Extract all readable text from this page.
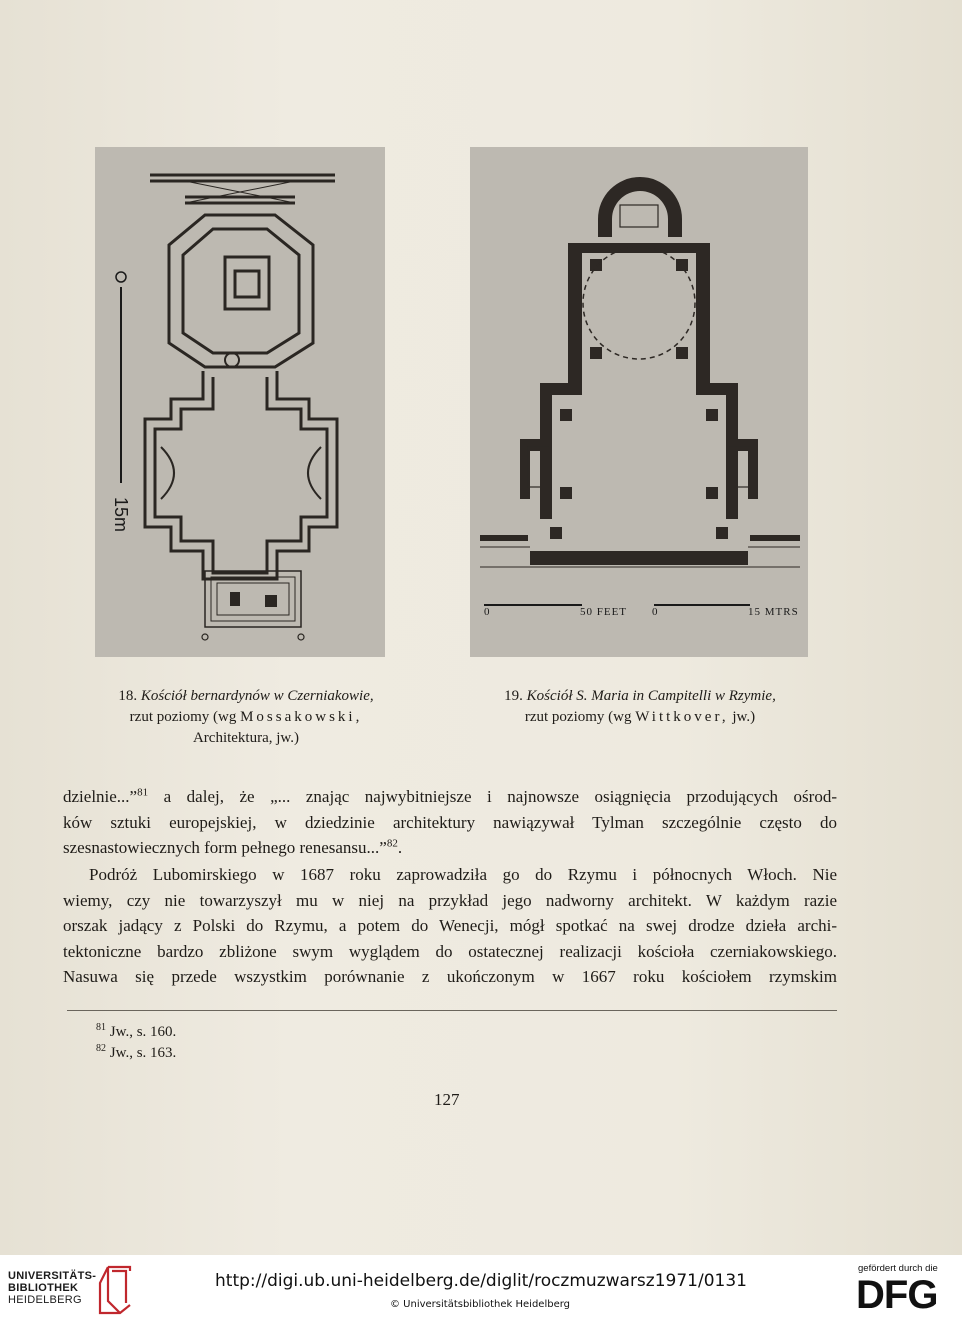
15m
0	50 FEET 0	15 MTRS
18. Kościół bernardynów w Czerniakowie,
rzut poziomy (wg Mossakowski,
Architektura, jw.)
19. Kościół S. Maria in Campitelli w Rzymie,
rzut poziomy (wg Wittkover, jw.)

dzielnie...”$^{81}$ a dalej, że „... znając najwybitniejsze i najnowsze osiągnięcia przodujących ośrod-

ków sztuki europejskiej, w dziedzinie architektury nawiązywał Tylman szczególnie często do

szesnastowiecznych form pełnego renesansu...”$^{82}$.

Podróż Lubomirskiego w 1687 roku zaprowadziła go do Rzymu i północnych Włoch. Nie

wiemy, czy nie towarzyszył mu w niej na przykład jego nadworny architekt. W każdym razie

orszak jadący z Polski do Rzymu, a potem do Wenecji, mógł spotkać na swej drodze dzieła archi-

tektoniczne bardzo zbliżone swym wyglądem do ostatecznej realizacji kościoła czerniakowskiego.

Nasuwa się przede wszystkim porównanie z ukończonym w 1667 roku kościołem rzymskim

$^{81}$ Jw., s. 160.
$^{82}$ Jw., s. 163.
127
UNIVERSITÄTS-
BIBLIOTHEK
HEIDELBERG
http://digi.ub.uni-heidelberg.de/diglit/roczmuzwarsz1971/0131
© Universitätsbibliothek Heidelberg
gefördert durch die
DFG
